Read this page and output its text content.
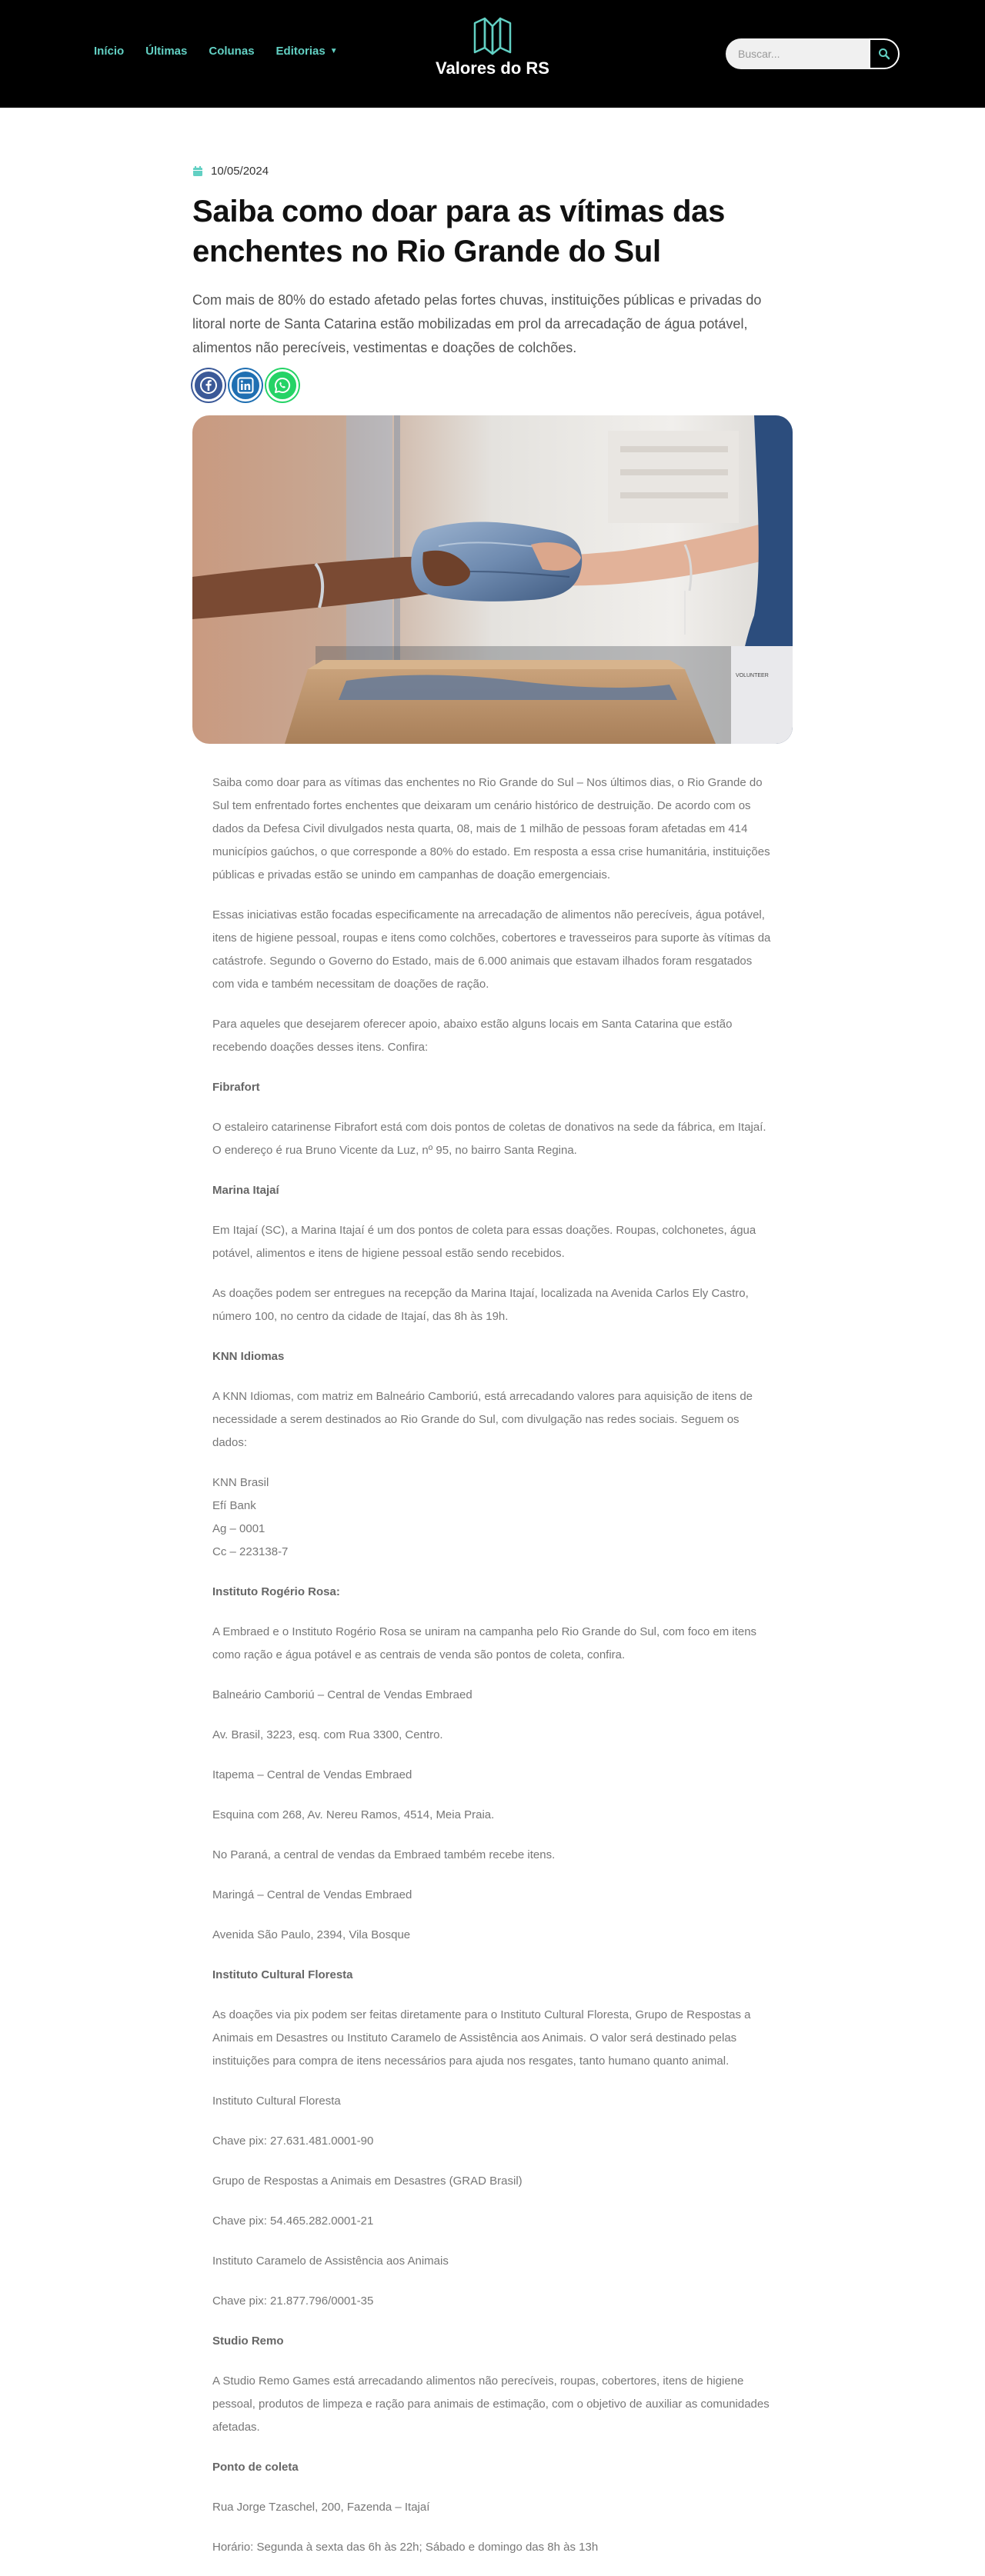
Início Últimas Colunas Editorias ▼
Valores do RS
Buscar...
10/05/2024
Saiba como doar para as vítimas das enchentes no Rio Grande do Sul

Com mais de 80% do estado afetado pelas fortes chuvas, instituições públicas e privadas do litoral norte de Santa Catarina estão mobilizadas em prol da arrecadação de água potável, alimentos não perecíveis, vestimentas e doações de colchões.

VOLUNTEER

Saiba como doar para as vítimas das enchentes no Rio Grande do Sul – Nos últimos dias, o Rio Grande do Sul tem enfrentado fortes enchentes que deixaram um cenário histórico de destruição. De acordo com os dados da Defesa Civil divulgados nesta quarta, 08, mais de 1 milhão de pessoas foram afetadas em 414 municípios gaúchos, o que corresponde a 80% do estado. Em resposta a essa crise humanitária, instituições públicas e privadas estão se unindo em campanhas de doação emergenciais.

Essas iniciativas estão focadas especificamente na arrecadação de alimentos não perecíveis, água potável, itens de higiene pessoal, roupas e itens como colchões, cobertores e travesseiros para suporte às vítimas da catástrofe. Segundo o Governo do Estado, mais de 6.000 animais que estavam ilhados foram resgatados com vida e também necessitam de doações de ração.

Para aqueles que desejarem oferecer apoio, abaixo estão alguns locais em Santa Catarina que estão recebendo doações desses itens. Confira:

Fibrafort

O estaleiro catarinense Fibrafort está com dois pontos de coletas de donativos na sede da fábrica, em Itajaí. O endereço é rua Bruno Vicente da Luz, nº 95, no bairro Santa Regina.

Marina Itajaí

Em Itajaí (SC), a Marina Itajaí é um dos pontos de coleta para essas doações. Roupas, colchonetes, água potável, alimentos e itens de higiene pessoal estão sendo recebidos.

As doações podem ser entregues na recepção da Marina Itajaí, localizada na Avenida Carlos Ely Castro, número 100, no centro da cidade de Itajaí, das 8h às 19h.

KNN Idiomas

A KNN Idiomas, com matriz em Balneário Camboriú, está arrecadando valores para aquisição de itens de necessidade a serem destinados ao Rio Grande do Sul, com divulgação nas redes sociais. Seguem os dados:

KNN Brasil

Efí Bank

Ag – 0001

Cc – 223138-7

Instituto Rogério Rosa:

A Embraed e o Instituto Rogério Rosa se uniram na campanha pelo Rio Grande do Sul, com foco em itens como ração e água potável e as centrais de venda são pontos de coleta, confira.

Balneário Camboriú – Central de Vendas Embraed

Av. Brasil, 3223, esq. com Rua 3300, Centro.

Itapema – Central de Vendas Embraed

Esquina com 268, Av. Nereu Ramos, 4514, Meia Praia.

No Paraná, a central de vendas da Embraed também recebe itens.

Maringá – Central de Vendas Embraed

Avenida São Paulo, 2394, Vila Bosque

Instituto Cultural Floresta

As doações via pix podem ser feitas diretamente para o Instituto Cultural Floresta, Grupo de Respostas a Animais em Desastres ou Instituto Caramelo de Assistência aos Animais. O valor será destinado pelas instituições para compra de itens necessários para ajuda nos resgates, tanto humano quanto animal.

Instituto Cultural Floresta

Chave pix: 27.631.481.0001-90

Grupo de Respostas a Animais em Desastres (GRAD Brasil)

Chave pix: 54.465.282.0001-21

Instituto Caramelo de Assistência aos Animais

Chave pix: 21.877.796/0001-35

Studio Remo

A Studio Remo Games está arrecadando alimentos não perecíveis, roupas, cobertores, itens de higiene pessoal, produtos de limpeza e ração para animais de estimação, com o objetivo de auxiliar as comunidades afetadas.

Ponto de coleta

Rua Jorge Tzaschel, 200, Fazenda – Itajaí

Horário: Segunda à sexta das 6h às 22h; Sábado e domingo das 8h às 13h
